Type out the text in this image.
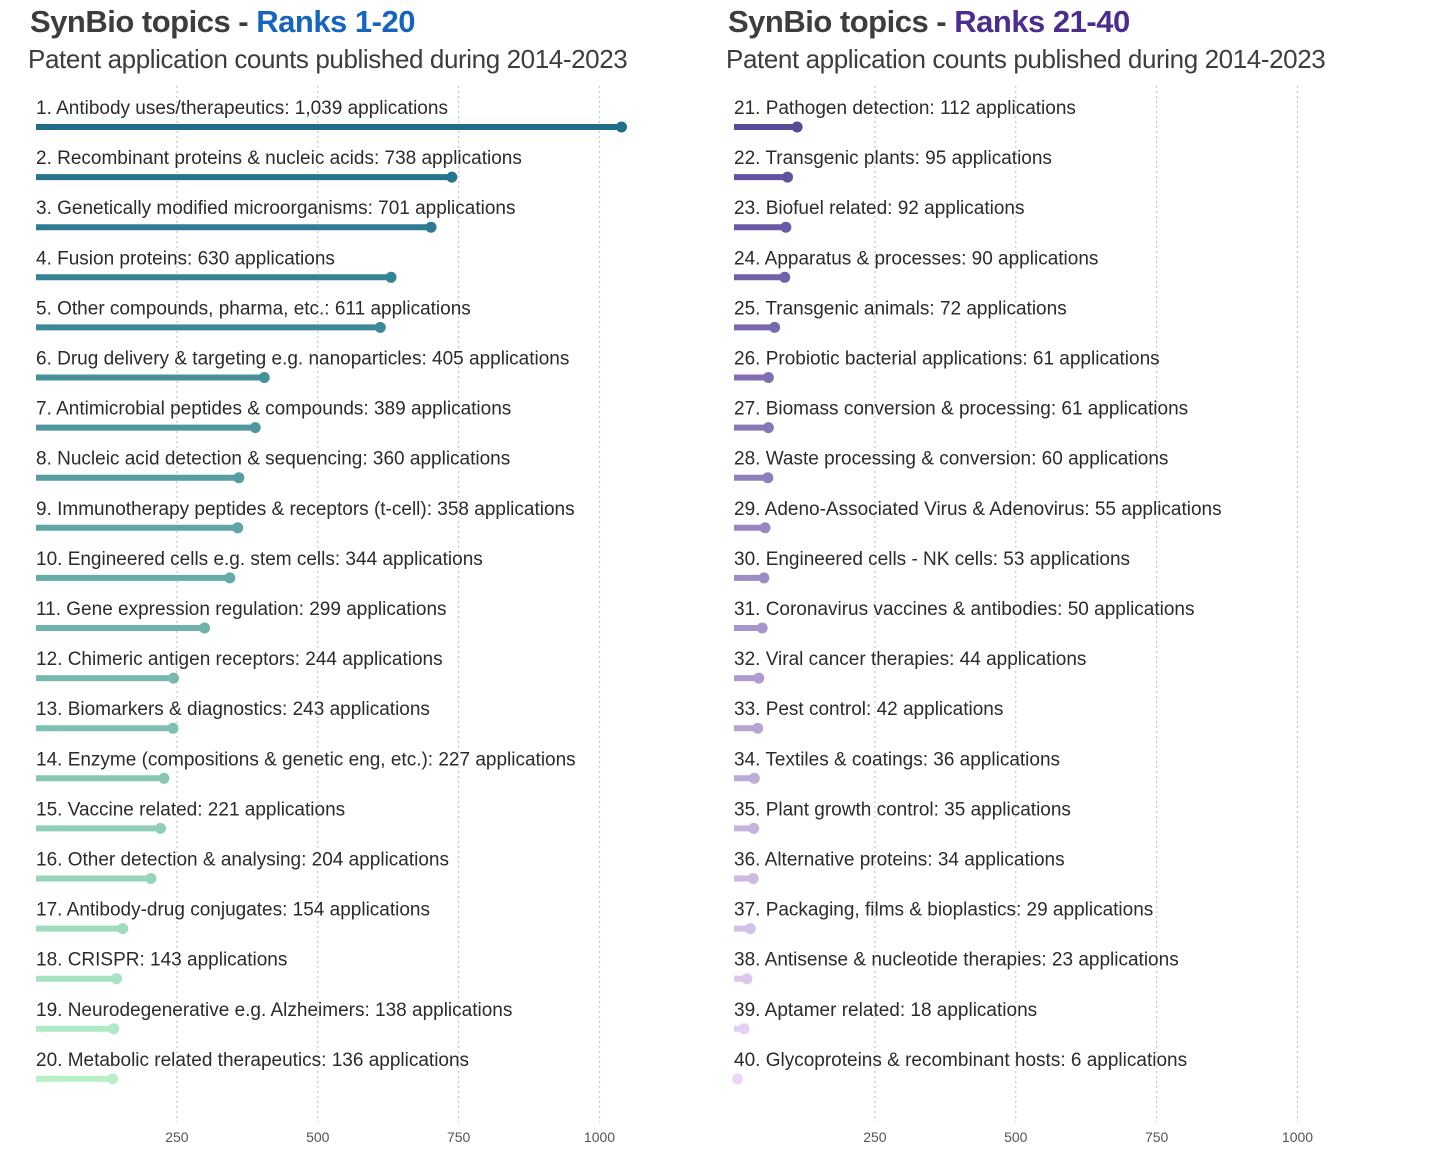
SynBio topics - Ranks 1-20
Patent application counts published during 2014-2023
250	500	750	1000
1. Antibody uses/therapeutics: 1,039 applications
2. Recombinant proteins & nucleic acids: 738 applications
3. Genetically modified microorganisms: 701 applications
4. Fusion proteins: 630 applications
5. Other compounds, pharma, etc.: 611 applications
6. Drug delivery & targeting e.g. nanoparticles: 405 applications
7. Antimicrobial peptides & compounds: 389 applications
8. Nucleic acid detection & sequencing: 360 applications
9. Immunotherapy peptides & receptors (t-cell): 358 applications
10. Engineered cells e.g. stem cells: 344 applications
11. Gene expression regulation: 299 applications
12. Chimeric antigen receptors: 244 applications
13. Biomarkers & diagnostics: 243 applications
14. Enzyme (compositions & genetic eng, etc.): 227 applications
15. Vaccine related: 221 applications
16. Other detection & analysing: 204 applications
17. Antibody-drug conjugates: 154 applications
18. CRISPR: 143 applications
19. Neurodegenerative e.g. Alzheimers: 138 applications
20. Metabolic related therapeutics: 136 applications
SynBio topics - Ranks 21-40
Patent application counts published during 2014-2023
250	500	750	1000
21. Pathogen detection: 112 applications
22. Transgenic plants: 95 applications
23. Biofuel related: 92 applications
24. Apparatus & processes: 90 applications
25. Transgenic animals: 72 applications
26. Probiotic bacterial applications: 61 applications
27. Biomass conversion & processing: 61 applications
28. Waste processing & conversion: 60 applications
29. Adeno-Associated Virus & Adenovirus: 55 applications
30. Engineered cells - NK cells: 53 applications
31. Coronavirus vaccines & antibodies: 50 applications
32. Viral cancer therapies: 44 applications
33. Pest control: 42 applications
34. Textiles & coatings: 36 applications
35. Plant growth control: 35 applications
36. Alternative proteins: 34 applications
37. Packaging, films & bioplastics: 29 applications
38. Antisense & nucleotide therapies: 23 applications
39. Aptamer related: 18 applications
40. Glycoproteins & recombinant hosts: 6 applications
